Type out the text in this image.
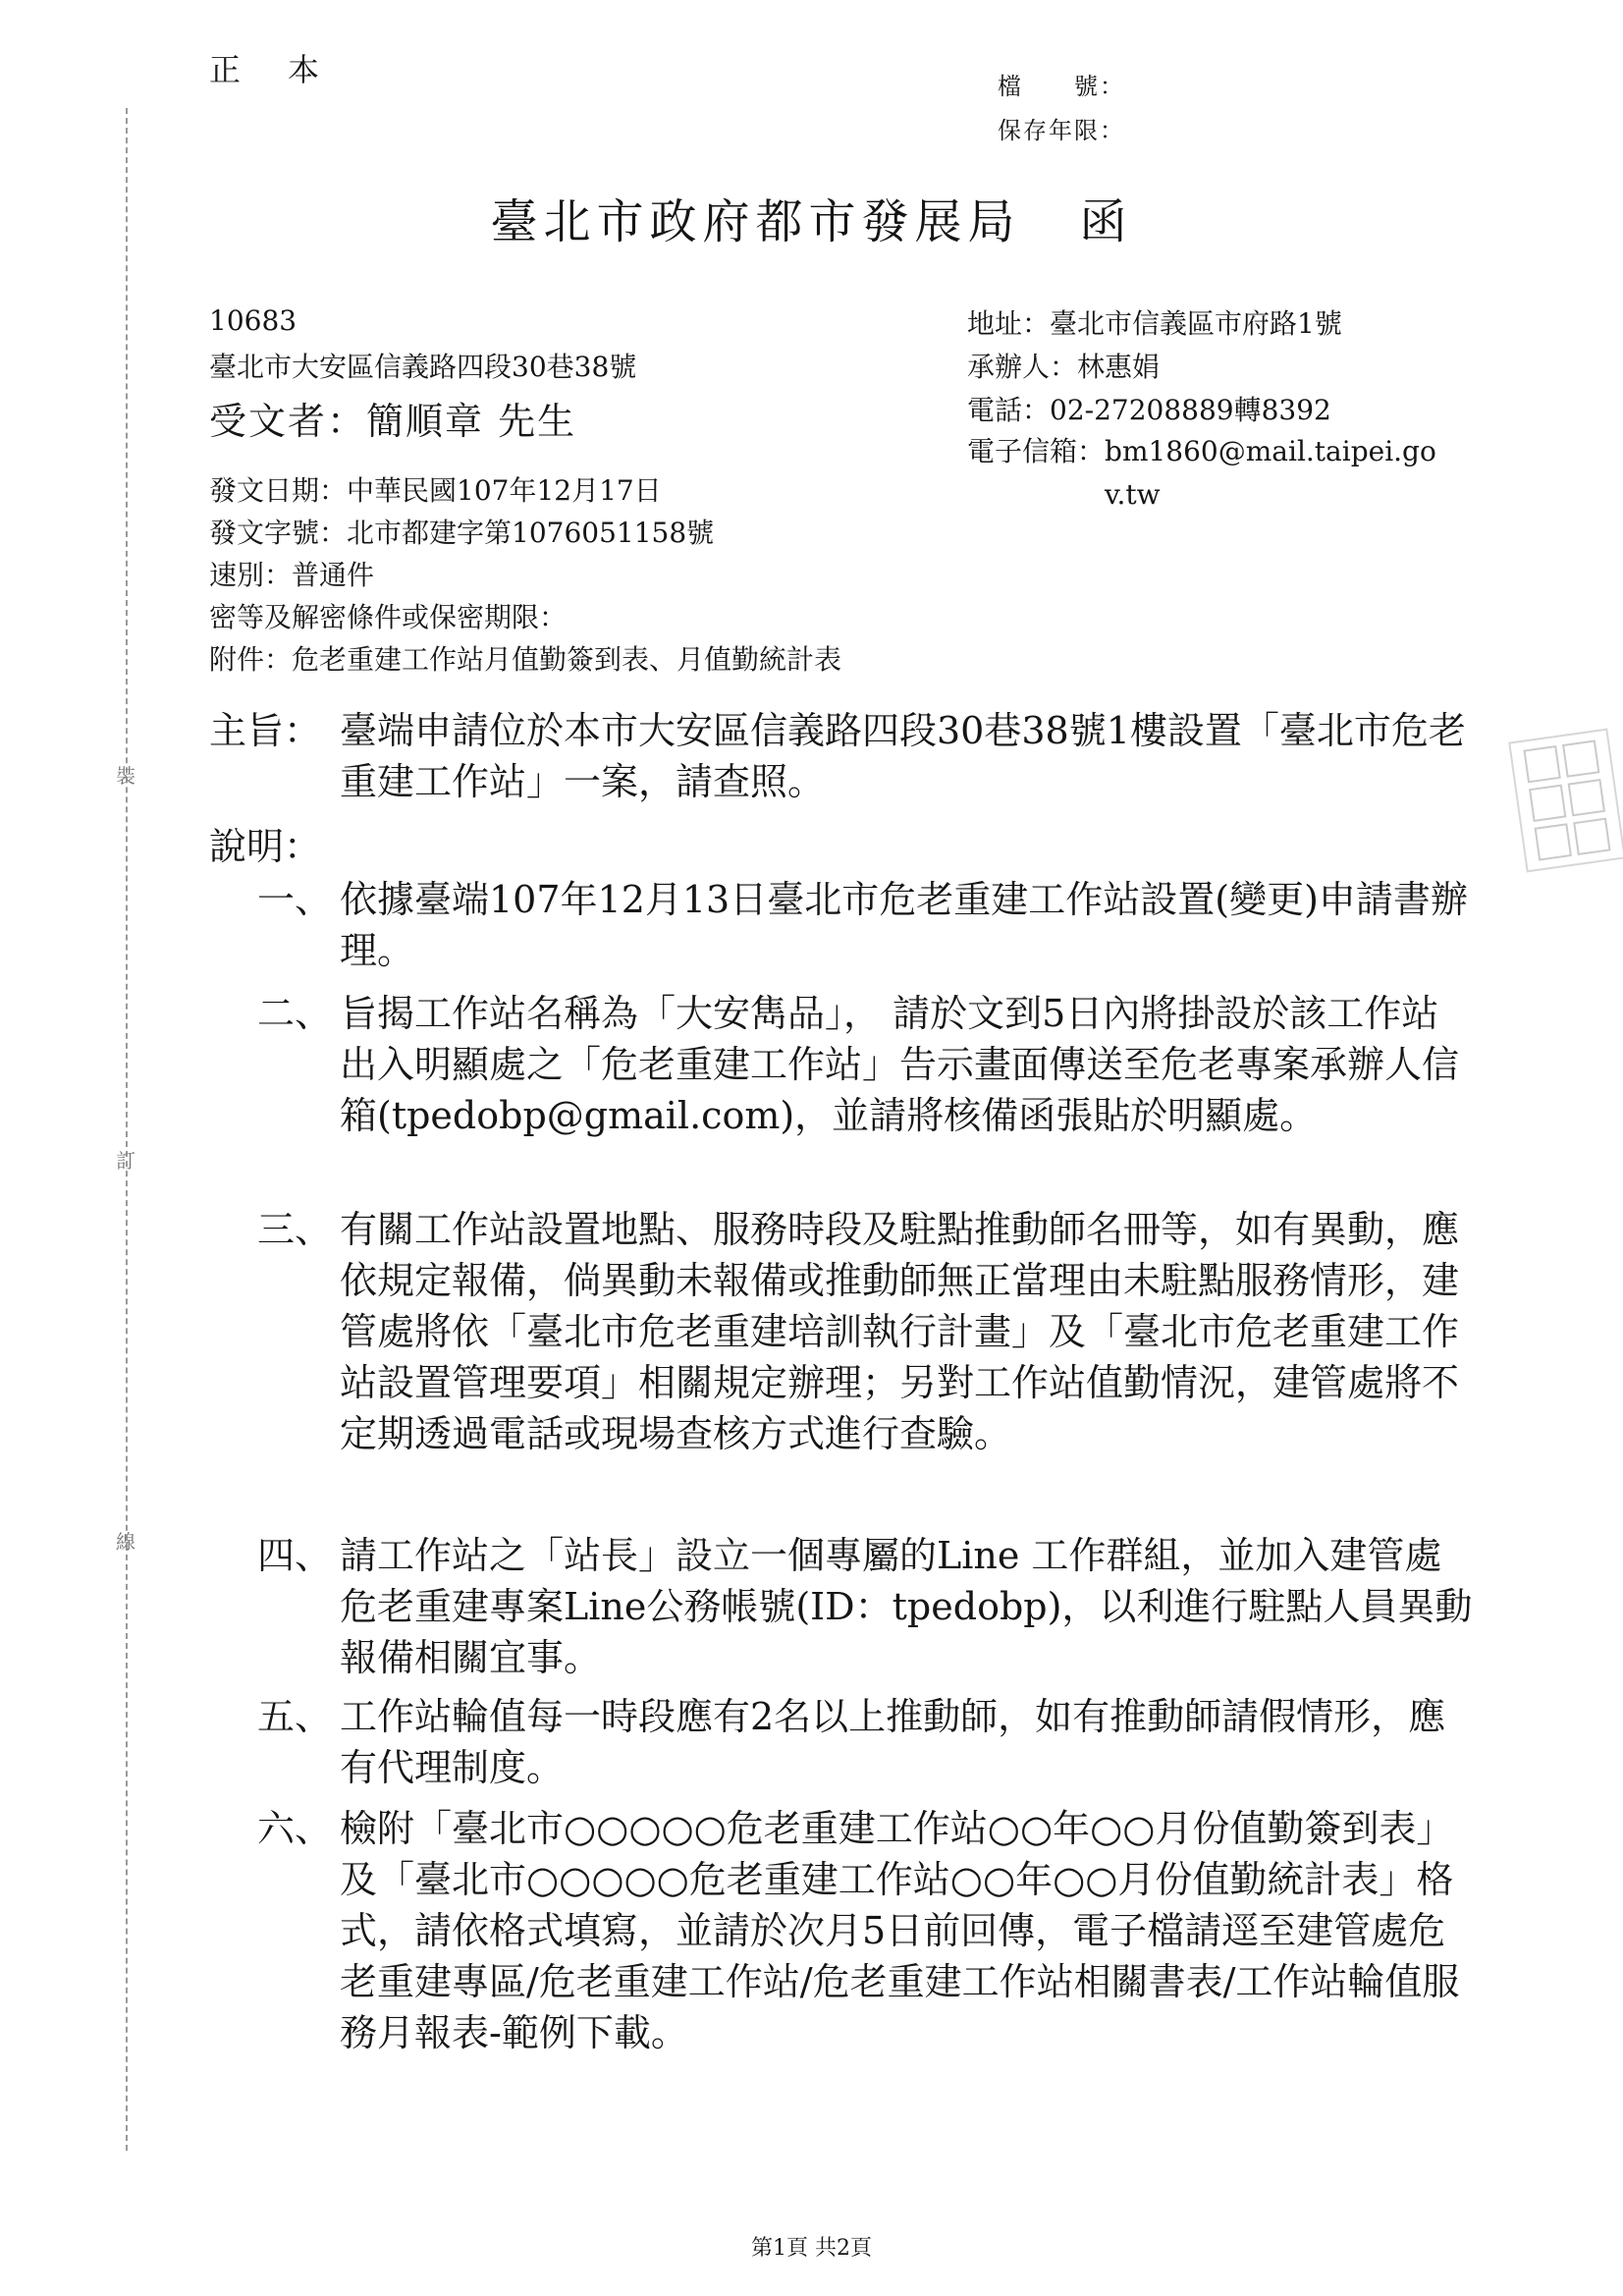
裝
訂
線
正　本	檔　　號：
保存年限：
臺北市政府都市發展局 函
10683
臺北市大安區信義路四段30巷38號
受文者：簡順章 先生
地址：臺北市信義區市府路1號
承辦人：林惠娟
電話：02-27208889轉8392
電子信箱：bm1860@mail.taipei.gov.tw
發文日期：中華民國107年12月17日
發文字號：北市都建字第1076051158號
速別：普通件
密等及解密條件或保密期限：
附件：危老重建工作站月值勤簽到表、月值勤統計表
主旨： 臺端申請位於本市大安區信義路四段30巷38號1樓設置「臺北市危老重建工作站」一案，請查照。
說明：
一、 依據臺端107年12月13日臺北市危老重建工作站設置(變更)申請書辦理。
二、 旨揭工作站名稱為「大安雋品」， 請於文到5日內將掛設於該工作站出入明顯處之「危老重建工作站」告示畫面傳送至危老專案承辦人信箱(tpedobp@gmail.com)，並請將核備函張貼於明顯處。
三、 有關工作站設置地點、服務時段及駐點推動師名冊等，如有異動，應依規定報備，倘異動未報備或推動師無正當理由未駐點服務情形，建管處將依「臺北市危老重建培訓執行計畫」及「臺北市危老重建工作站設置管理要項」相關規定辦理；另對工作站值勤情況，建管處將不定期透過電話或現場查核方式進行查驗。
四、 請工作站之「站長」設立一個專屬的Line 工作群組，並加入建管處危老重建專案Line公務帳號(ID：tpedobp)，以利進行駐點人員異動報備相關宜事。
五、 工作站輪值每一時段應有2名以上推動師，如有推動師請假情形，應有代理制度。
六、 檢附「臺北市○○○○○危老重建工作站○○年○○月份值勤簽到表」及「臺北市○○○○○危老重建工作站○○年○○月份值勤統計表」格式，請依格式填寫，並請於次月5日前回傳，電子檔請逕至建管處危老重建專區/危老重建工作站/危老重建工作站相關書表/工作站輪值服務月報表-範例下載。
第1頁 共2頁
